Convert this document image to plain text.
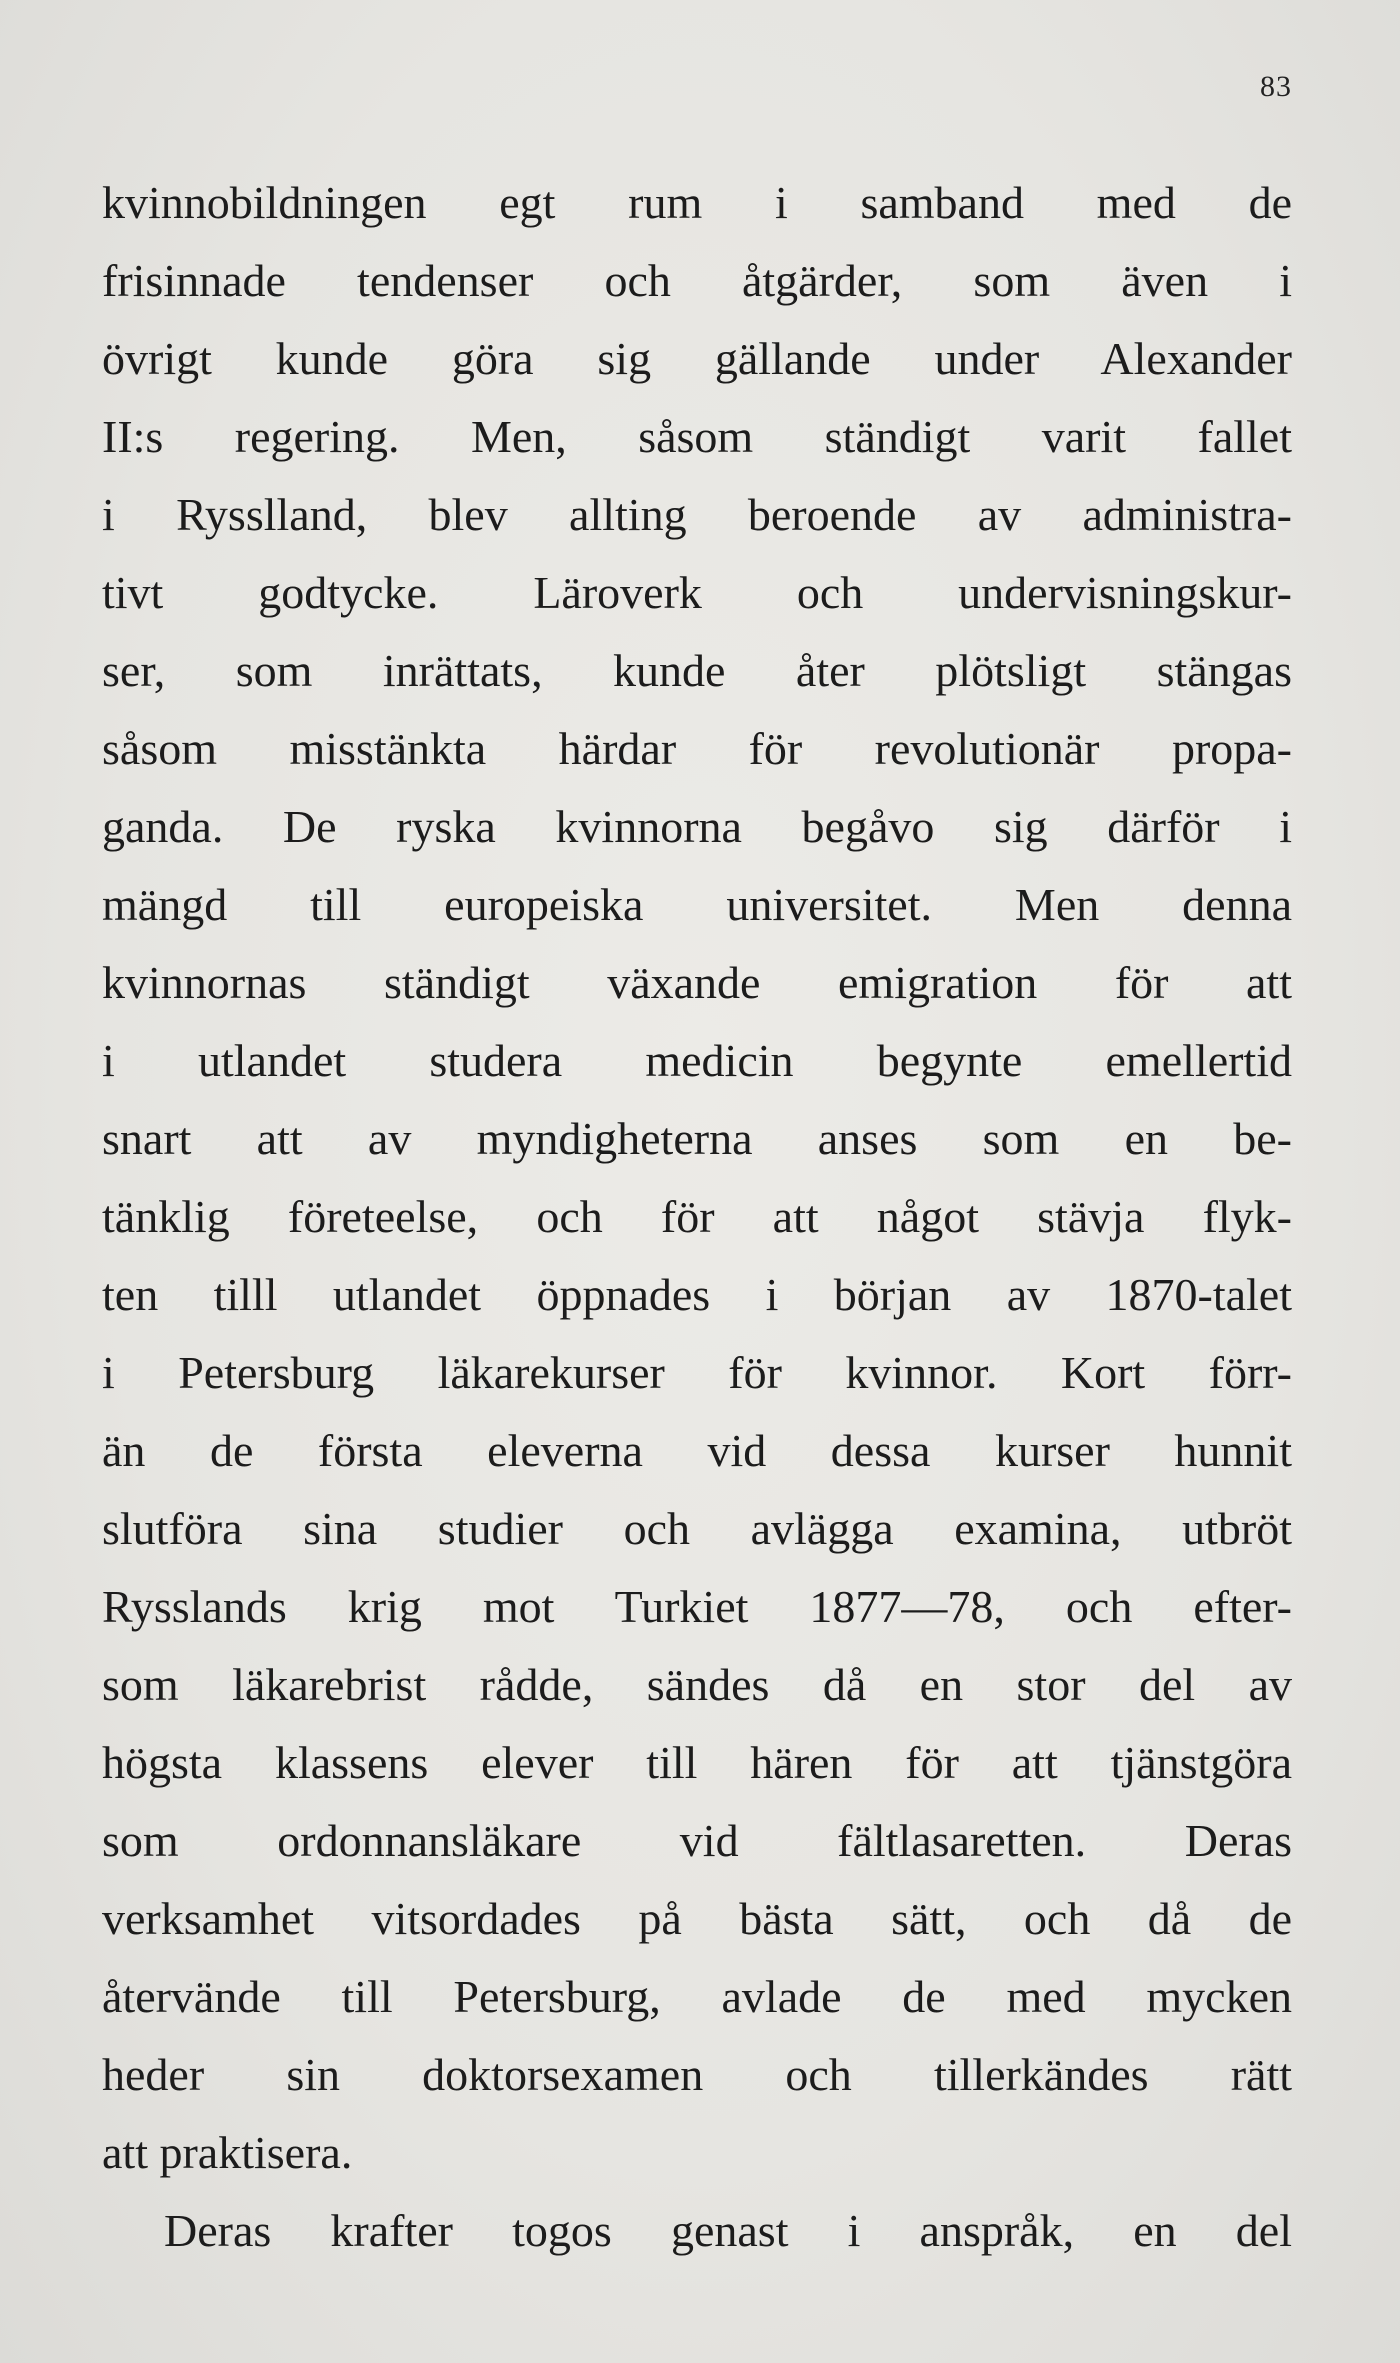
83
kvinnobildningen egt rum i samband med de
frisinnade tendenser och åtgärder, som även i
övrigt kunde göra sig gällande under Alexander
II:s regering. Men, såsom ständigt varit fallet
i Rysslland, blev allting beroende av administra-
tivt godtycke. Läroverk och undervisningskur-
ser, som inrättats, kunde åter plötsligt stängas
såsom misstänkta härdar för revolutionär propa-
ganda. De ryska kvinnorna begåvo sig därför i
mängd till europeiska universitet. Men denna
kvinnornas ständigt växande emigration för att
i utlandet studera medicin begynte emellertid
snart att av myndigheterna anses som en be-
tänklig företeelse, och för att något stävja flyk-
ten tilll utlandet öppnades i början av 1870-talet
i Petersburg läkarekurser för kvinnor. Kort förr-
än de första eleverna vid dessa kurser hunnit
slutföra sina studier och avlägga examina, utbröt
Rysslands krig mot Turkiet 1877—78, och efter-
som läkarebrist rådde, sändes då en stor del av
högsta klassens elever till hären för att tjänstgöra
som ordonnansläkare vid fältlasaretten. Deras
verksamhet vitsordades på bästa sätt, och då de
återvände till Petersburg, avlade de med mycken
heder sin doktorsexamen och tillerkändes rätt
att praktisera.
Deras krafter togos genast i anspråk, en del
